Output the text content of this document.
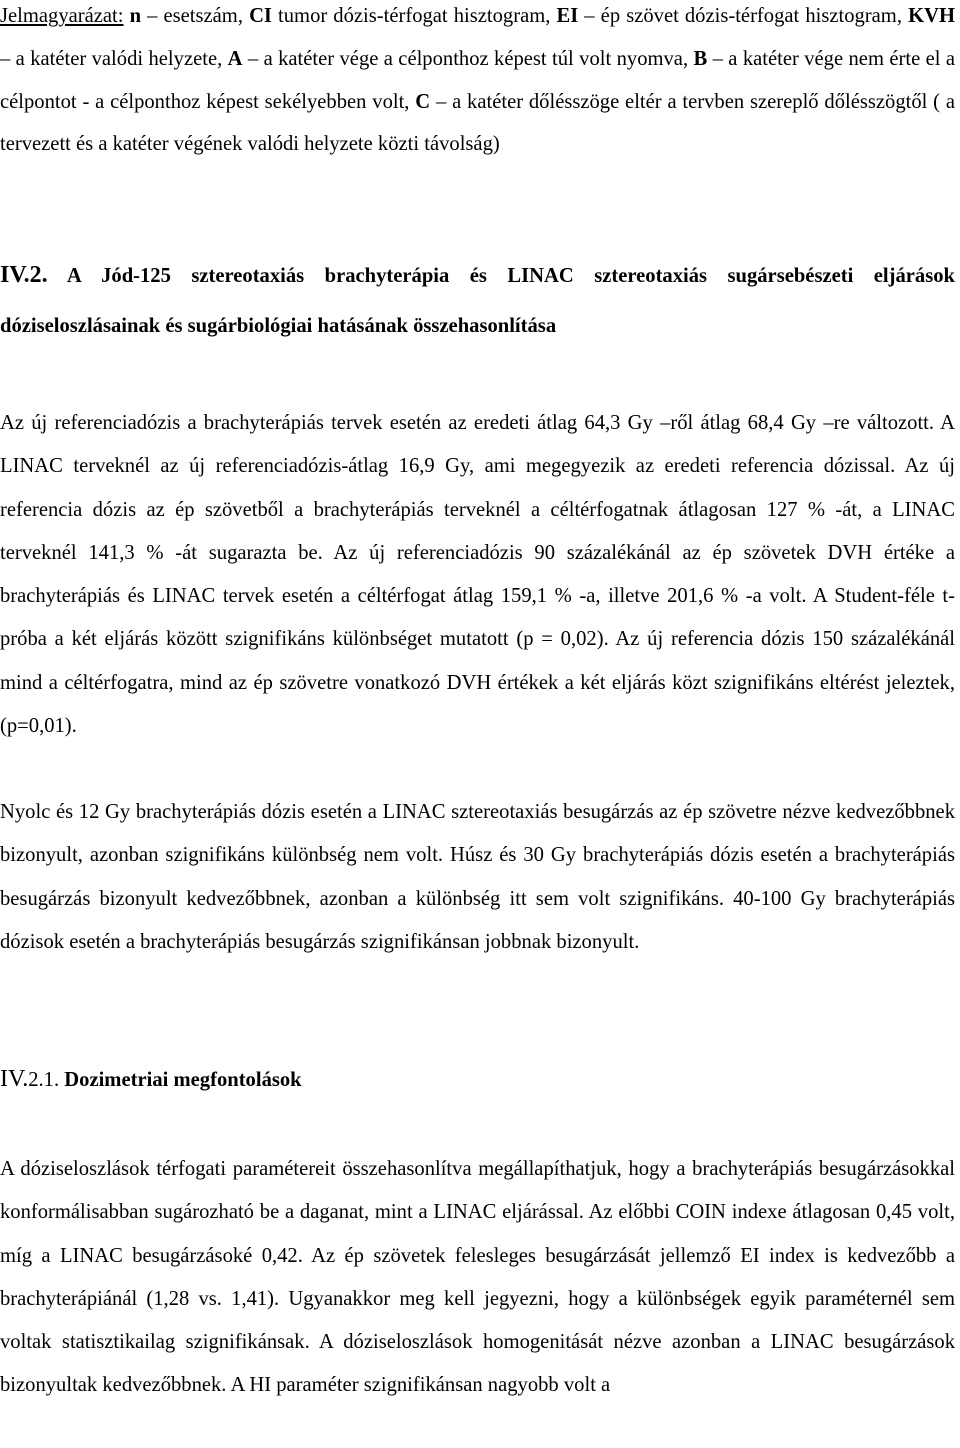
Jelmagyarázat: n – esetszám, CI tumor dózis-térfogat hisztogram, EI – ép szövet dózis-térfogat hisztogram, KVH – a katéter valódi helyzete, A – a katéter vége a célponthoz képest túl volt nyomva, B – a katéter vége nem érte el a célpontot - a célponthoz képest sekélyebben volt, C – a katéter dőlésszöge eltér a tervben szereplő dőlésszögtől ( a tervezett és a katéter végének valódi helyzete közti távolság)

IV.2. A Jód-125 sztereotaxiás brachyterápia és LINAC sztereotaxiás sugársebészeti eljárások dóziseloszlásainak és sugárbiológiai hatásának összehasonlítása

Az új referenciadózis a brachyterápiás tervek esetén az eredeti átlag 64,3 Gy –ről átlag 68,4 Gy –re változott. A LINAC terveknél az új referenciadózis-átlag 16,9 Gy, ami megegyezik az eredeti referencia dózissal. Az új referencia dózis az ép szövetből a brachyterápiás terveknél a céltérfogatnak átlagosan 127 % -át, a LINAC terveknél 141,3 % -át sugarazta be. Az új referenciadózis 90 százalékánál az ép szövetek DVH értéke a brachyterápiás és LINAC tervek esetén a céltérfogat átlag 159,1 % -a, illetve 201,6 % -a volt. A Student-féle t-próba a két eljárás között szignifikáns különbséget mutatott (p = 0,02). Az új referencia dózis 150 százalékánál mind a céltérfogatra, mind az ép szövetre vonatkozó DVH értékek a két eljárás közt szignifikáns eltérést jeleztek, (p=0,01).

Nyolc és 12 Gy brachyterápiás dózis esetén a LINAC sztereotaxiás besugárzás az ép szövetre nézve kedvezőbbnek bizonyult, azonban szignifikáns különbség nem volt. Húsz és 30 Gy brachyterápiás dózis esetén a brachyterápiás besugárzás bizonyult kedvezőbbnek, azonban a különbség itt sem volt szignifikáns. 40-100 Gy brachyterápiás dózisok esetén a brachyterápiás besugárzás szignifikánsan jobbnak bizonyult.

IV.2.1. Dozimetriai megfontolások

A dóziseloszlások térfogati paramétereit összehasonlítva megállapíthatjuk, hogy a brachyterápiás besugárzásokkal konformálisabban sugározható be a daganat, mint a LINAC eljárással. Az előbbi COIN indexe átlagosan 0,45 volt, míg a LINAC besugárzásoké 0,42. Az ép szövetek felesleges besugárzását jellemző EI index is kedvezőbb a brachyterápiánál (1,28 vs. 1,41). Ugyanakkor meg kell jegyezni, hogy a különbségek egyik paraméternél sem voltak statisztikailag szignifikánsak. A dóziseloszlások homogenitását nézve azonban a LINAC besugárzások bizonyultak kedvezőbbnek. A HI paraméter szignifikánsan nagyobb volt a
